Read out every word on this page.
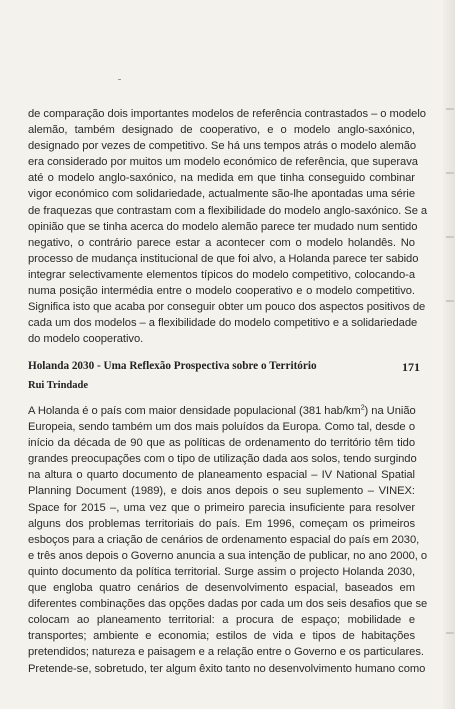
de comparação dois importantes modelos de referência contrastados – o modelo
alemão, também designado de cooperativo, e o modelo anglo-saxónico,
designado por vezes de competitivo. Se há uns tempos atrás o modelo alemão
era considerado por muitos um modelo económico de referência, que superava
até o modelo anglo-saxónico, na medida em que tinha conseguido combinar
vigor económico com solidariedade, actualmente são-lhe apontadas uma série
de fraquezas que contrastam com a flexibilidade do modelo anglo-saxónico. Se a
opinião que se tinha acerca do modelo alemão parece ter mudado num sentido
negativo, o contrário parece estar a acontecer com o modelo holandês. No
processo de mudança institucional de que foi alvo, a Holanda parece ter sabido
integrar selectivamente elementos típicos do modelo competitivo, colocando-a
numa posição intermédia entre o modelo cooperativo e o modelo competitivo.
Significa isto que acaba por conseguir obter um pouco dos aspectos positivos de
cada um dos modelos – a flexibilidade do modelo competitivo e a solidariedade
do modelo cooperativo.
Holanda 2030 - Uma Reflexão Prospectiva sobre o Território	171
Rui Trindade
A Holanda é o país com maior densidade populacional (381 hab/$km^2$) na União
Europeia, sendo também um dos mais poluídos da Europa. Como tal, desde o
início da década de 90 que as políticas de ordenamento do território têm tido
grandes preocupações com o tipo de utilização dada aos solos, tendo surgindo
na altura o quarto documento de planeamento espacial – IV National Spatial
Planning Document (1989), e dois anos depois o seu suplemento – VINEX:
Space for 2015 –, uma vez que o primeiro parecia insuficiente para resolver
alguns dos problemas territoriais do país. Em 1996, começam os primeiros
esboços para a criação de cenários de ordenamento espacial do país em 2030,
e três anos depois o Governo anuncia a sua intenção de publicar, no ano 2000, o
quinto documento da política territorial. Surge assim o projecto Holanda 2030,
que engloba quatro cenários de desenvolvimento espacial, baseados em
diferentes combinações das opções dadas por cada um dos seis desafios que se
colocam ao planeamento territorial: a procura de espaço; mobilidade e
transportes; ambiente e economia; estilos de vida e tipos de habitações
pretendidos; natureza e paisagem e a relação entre o Governo e os particulares.
Pretende-se, sobretudo, ter algum êxito tanto no desenvolvimento humano como
